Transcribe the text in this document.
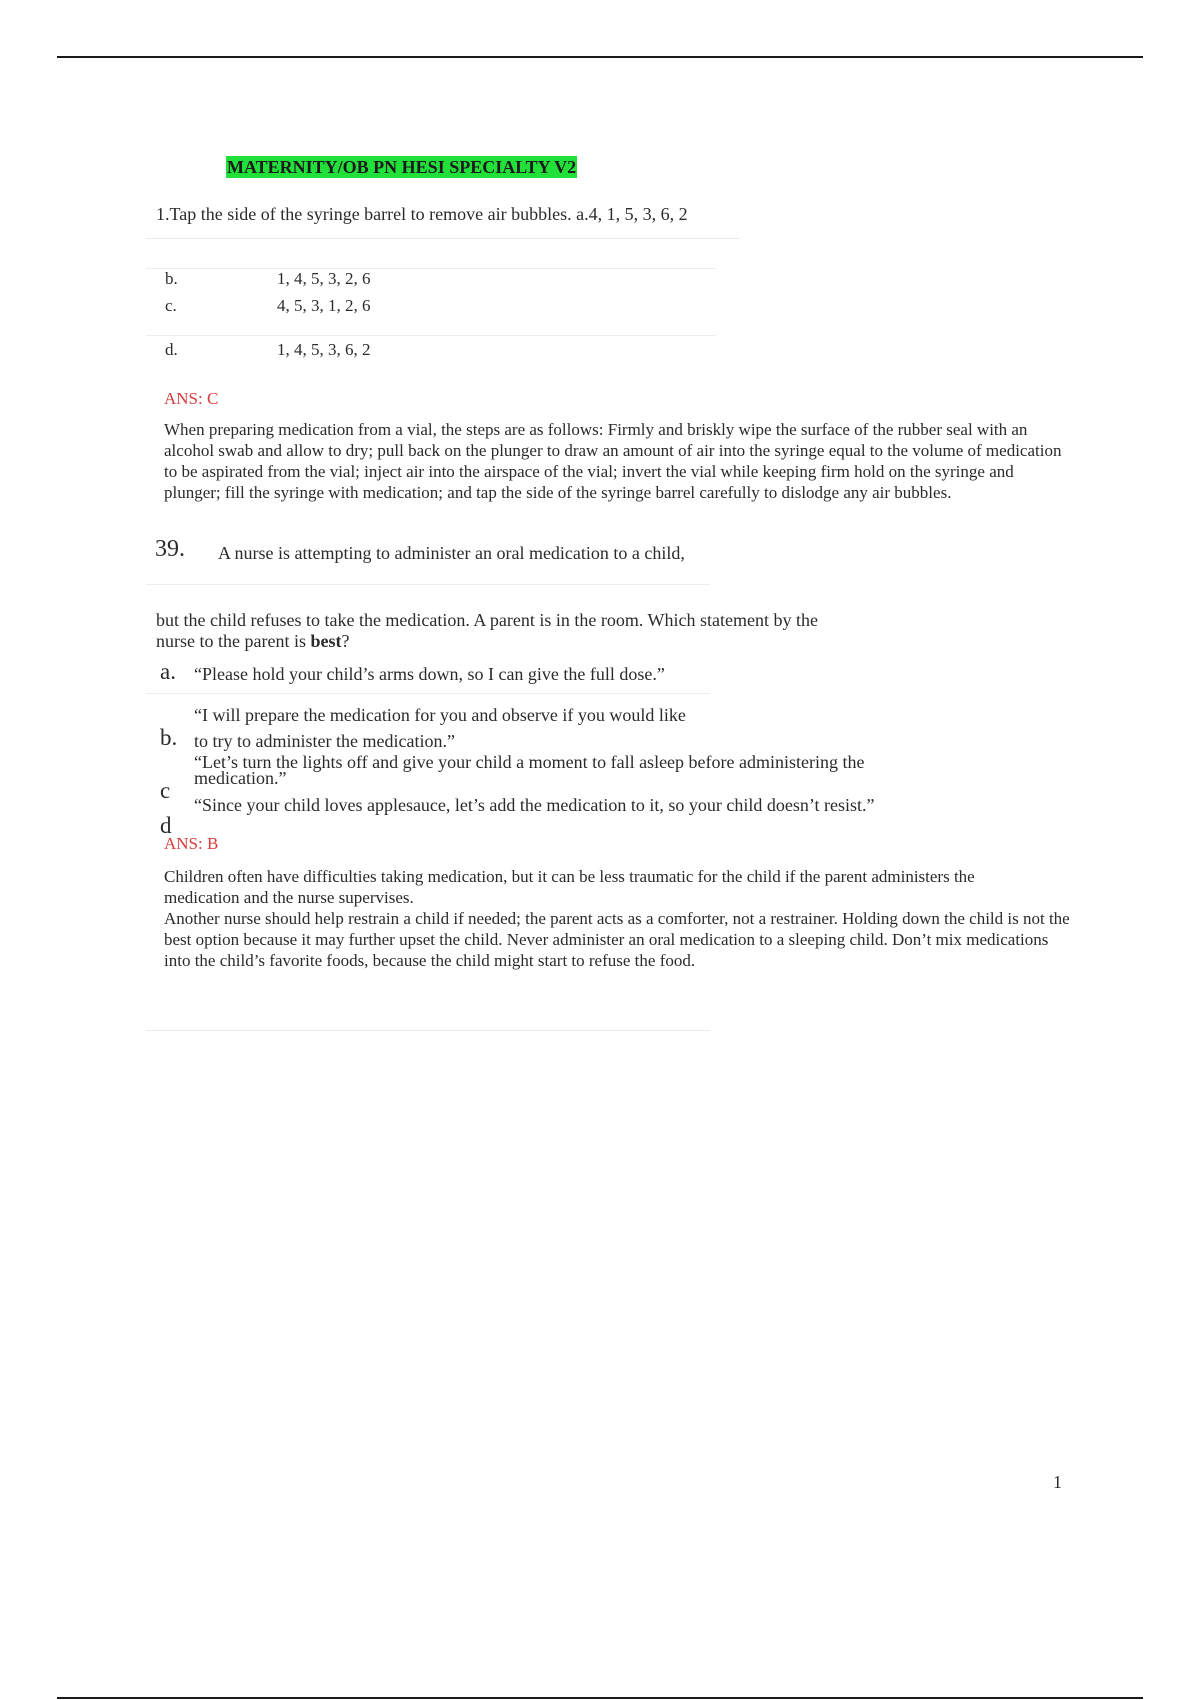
MATERNITY/OB PN HESI SPECIALTY V2
1.Tap the side of the syringe barrel to remove air bubbles. a.4, 1, 5, 3, 6, 2
b.	1, 4, 5, 3, 2, 6
c.	4, 5, 3, 1, 2, 6
d.	1, 4, 5, 3, 6, 2
ANS: C
When preparing medication from a vial, the steps are as follows: Firmly and briskly wipe the surface of the rubber seal with an alcohol swab and allow to dry; pull back on the plunger to draw an amount of air into the syringe equal to the volume of medication to be aspirated from the vial; inject air into the airspace of the vial; invert the vial while keeping firm hold on the syringe and plunger; fill the syringe with medication; and tap the side of the syringe barrel carefully to dislodge any air bubbles.
39. A nurse is attempting to administer an oral medication to a child,
but the child refuses to take the medication. A parent is in the room. Which statement by the
nurse to the parent is best?
a. “Please hold your child’s arms down, so I can give the full dose.”
“I will prepare the medication for you and observe if you would like
b. to try to administer the medication.”
“Let’s turn the lights off and give your child a moment to fall asleep before administering the
medication.”
c
“Since your child loves applesauce, let’s add the medication to it, so your child doesn’t resist.”
d
ANS: B
Children often have difficulties taking medication, but it can be less traumatic for the child if the parent administers the medication and the nurse supervises.
Another nurse should help restrain a child if needed; the parent acts as a comforter, not a restrainer. Holding down the child is not the best option because it may further upset the child. Never administer an oral medication to a sleeping child. Don’t mix medications into the child’s favorite foods, because the child might start to refuse the food.
1
